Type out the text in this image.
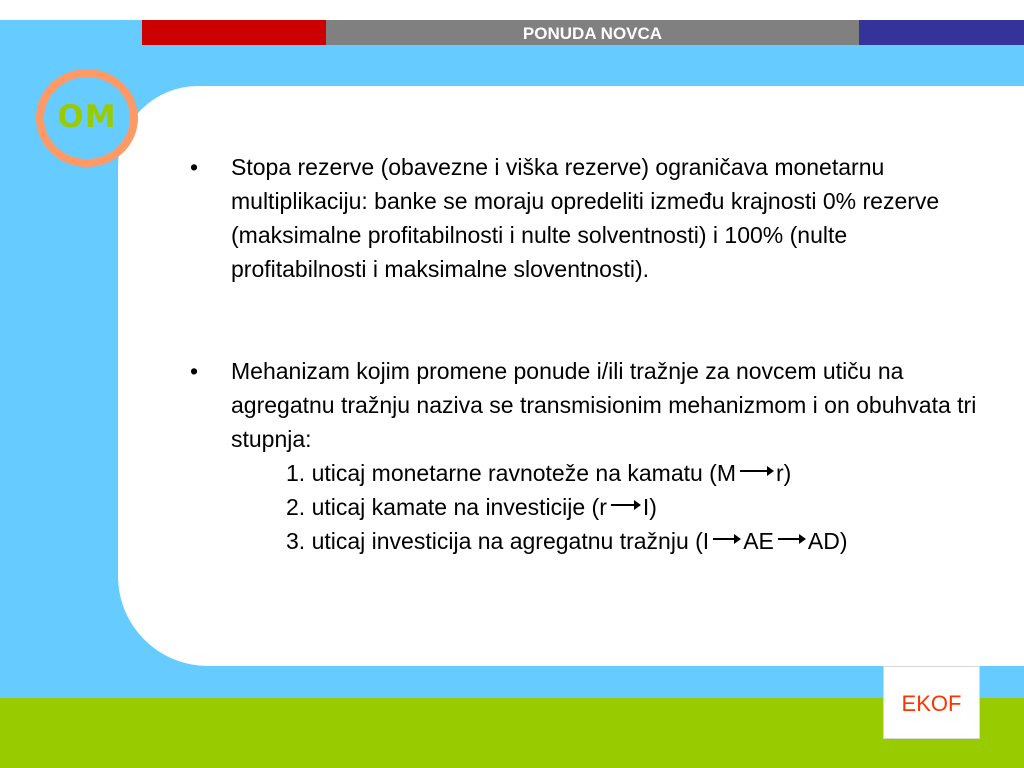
PONUDA NOVCA
OM
EKOF
• Stopa rezerve (obavezne i viška rezerve) ograničava monetarnu multiplikaciju: banke se moraju opredeliti između krajnosti 0% rezerve (maksimalne profitabilnosti i nulte solventnosti) i 100% (nulte profitabilnosti i maksimalne sloventnosti).
• Mehanizam kojim promene ponude i/ili tražnje za novcem utiču na agregatnu tražnju naziva se transmisionim mehanizmom i on obuhvata tri stupnja:
1. uticaj monetarne ravnoteže na kamatu (M r)
2. uticaj kamate na investicije (r I)
3. uticaj investicija na agregatnu tražnju (I AE AD)
